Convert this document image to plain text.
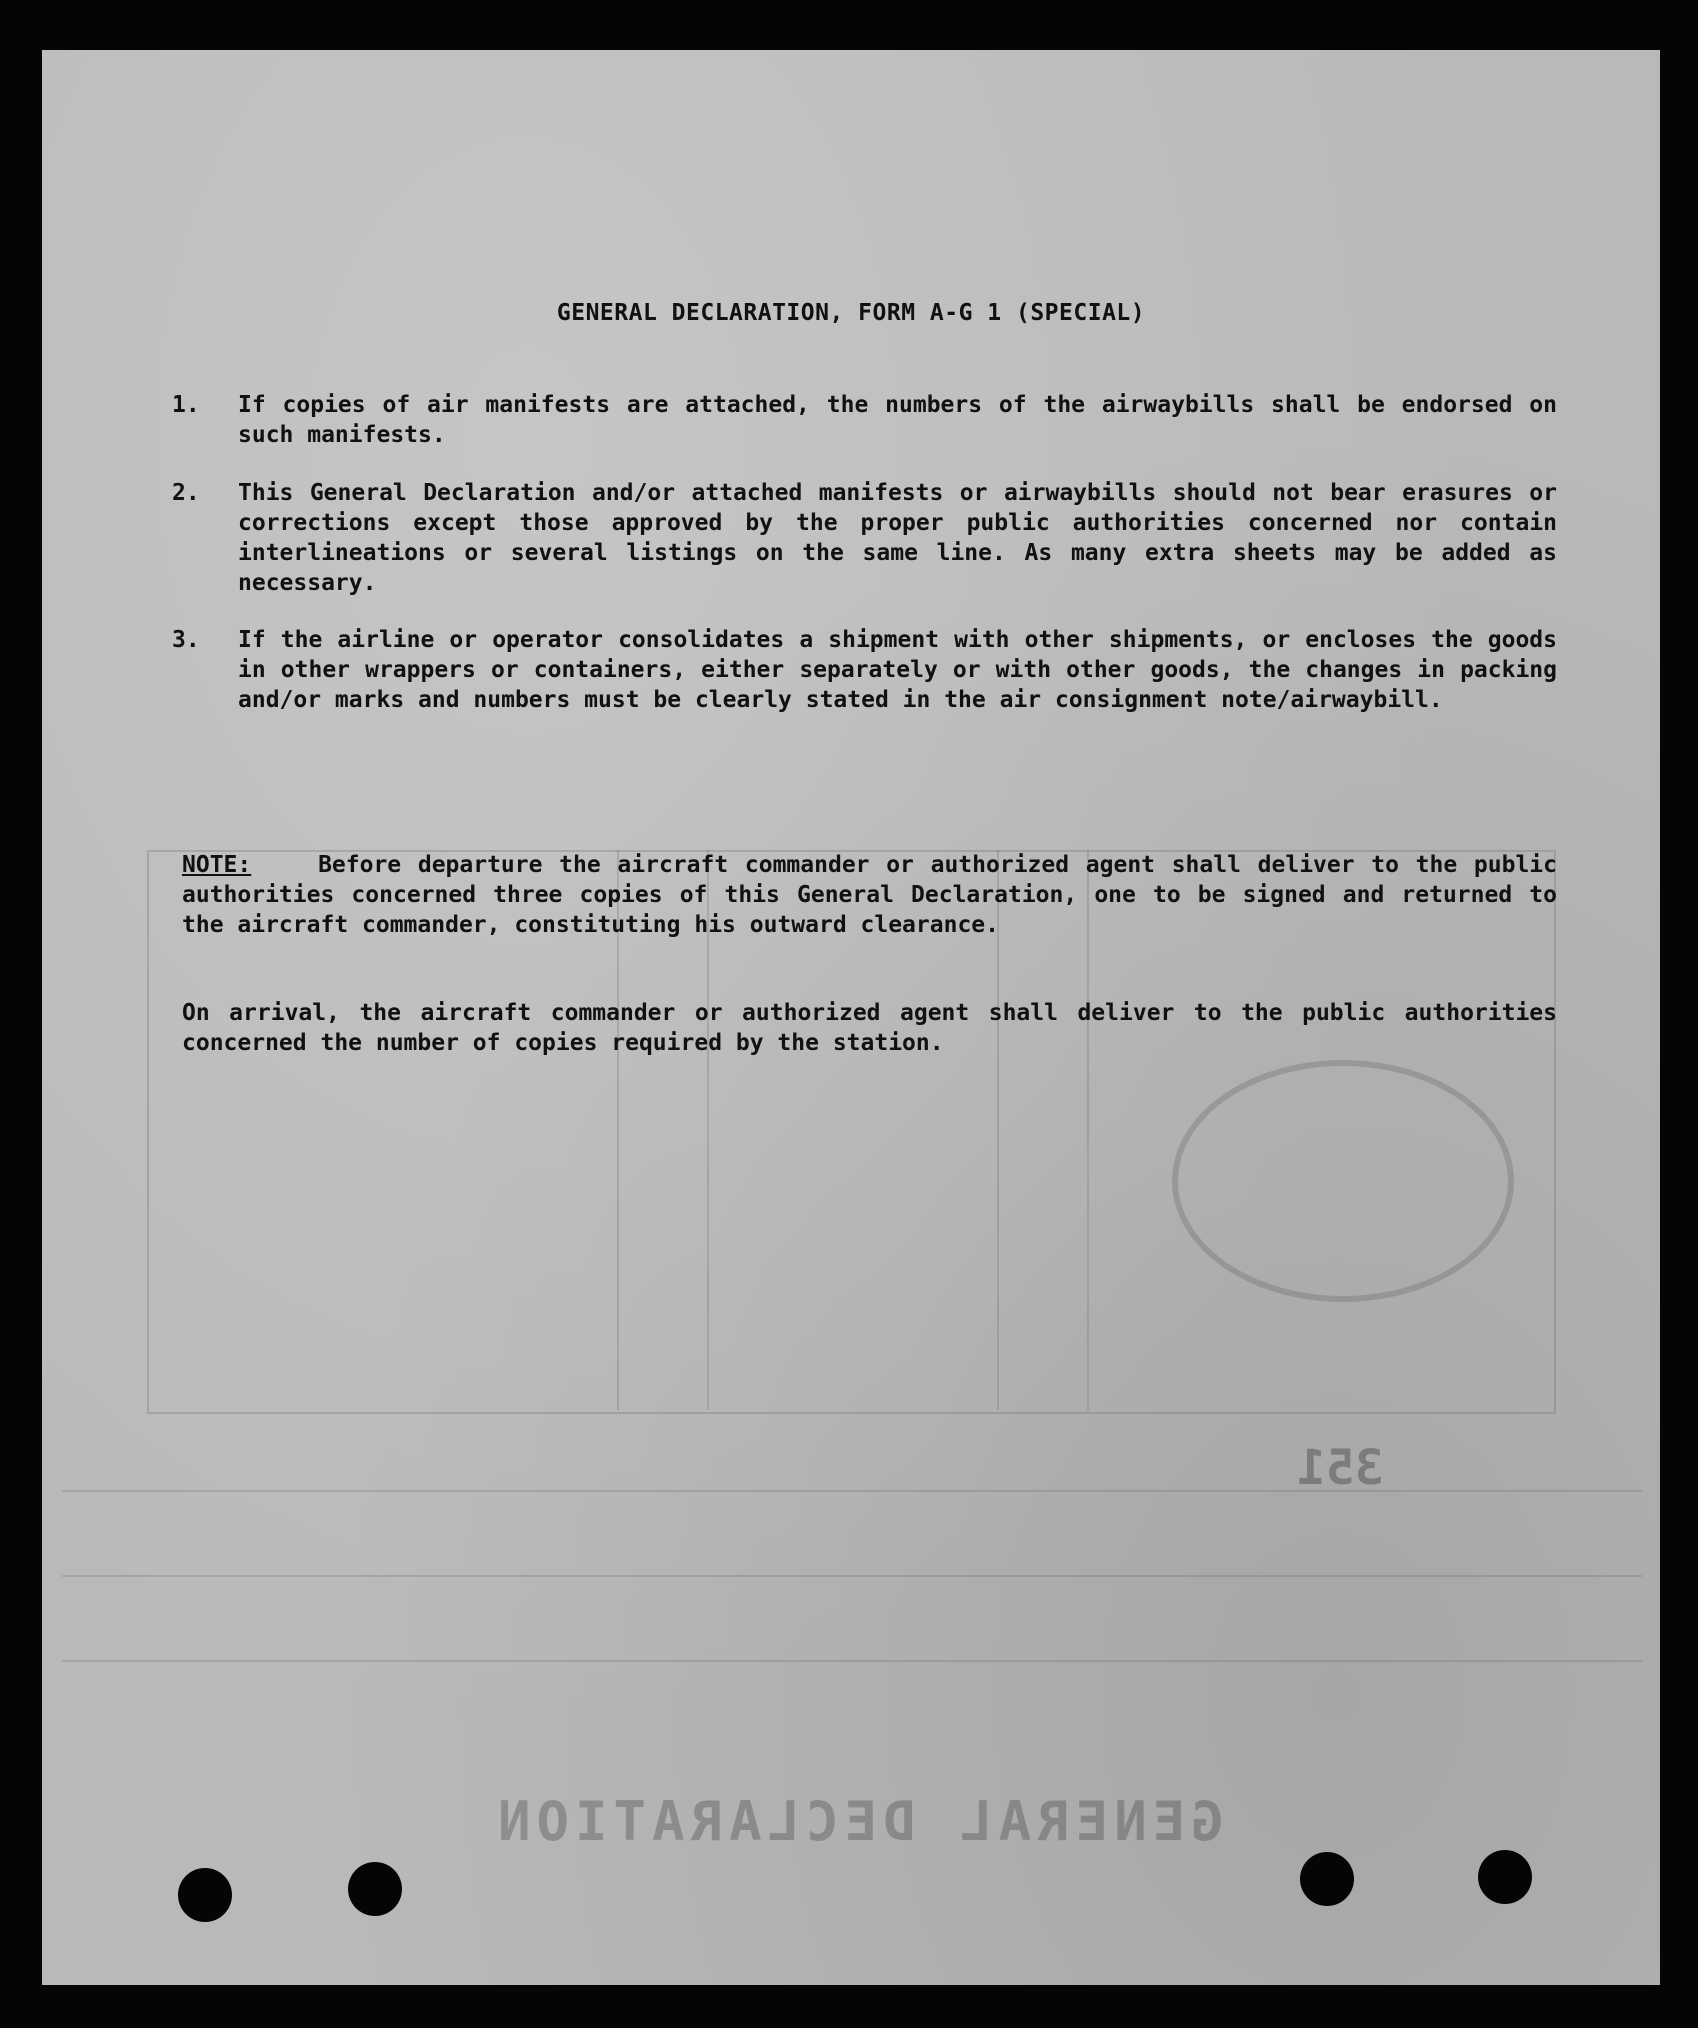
351
GENERAL DECLARATION
GENERAL DECLARATION, FORM A-G 1 (SPECIAL)
1. If copies of air manifests are attached, the numbers of the airwaybills shall be endorsed on such manifests.
2. This General Declaration and/or attached manifests or airwaybills should not bear erasures or corrections except those approved by the proper public authorities concerned nor contain interlineations or several listings on the same line. As many extra sheets may be added as necessary.
3. If the airline or operator consolidates a shipment with other shipments, or encloses the goods in other wrappers or containers, either separately or with other goods, the changes in packing and/or marks and numbers must be clearly stated in the air consignment note/airwaybill.
NOTE:	Before departure the aircraft commander or authorized agent shall deliver to the public authorities concerned three copies of this General Declaration, one to be signed and returned to the aircraft commander, constituting his outward clearance.
On arrival, the aircraft commander or authorized agent shall deliver to the public authorities concerned the number of copies required by the station.
